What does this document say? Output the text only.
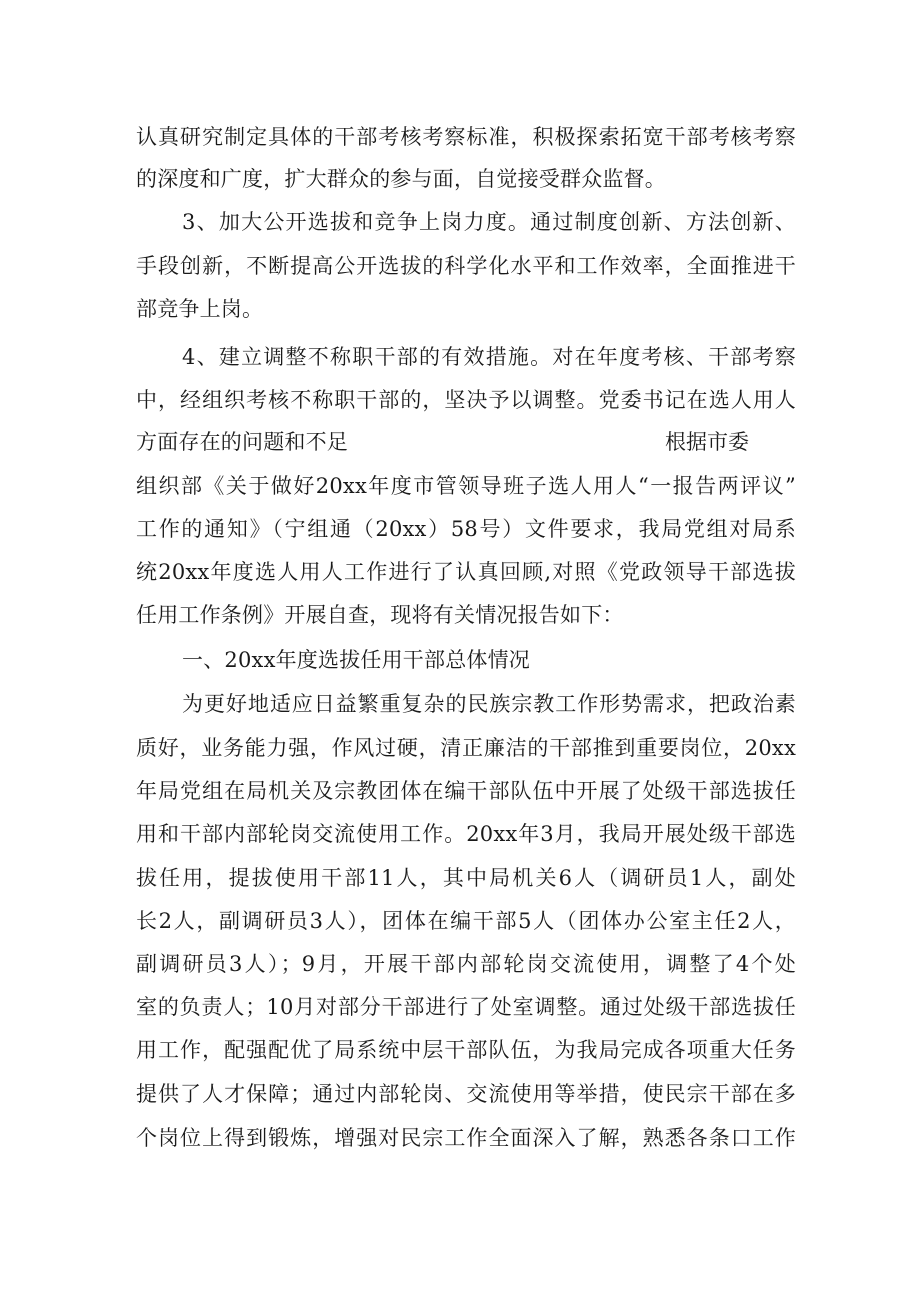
认真研究制定具体的干部考核考察标准，积极探索拓宽干部考核考察
的深度和广度，扩大群众的参与面，自觉接受群众监督。
3、加大公开选拔和竞争上岗力度。通过制度创新、方法创新、
手段创新，不断提高公开选拔的科学化水平和工作效率，全面推进干
部竞争上岗。
4、建立调整不称职干部的有效措施。对在年度考核、干部考察
中，经组织考核不称职干部的，坚决予以调整。党委书记在选人用人
方面存在的问题和不足	根据市委
组织部《关于做好20xx年度市管领导班子选人用人“一报告两评议”
工作的通知》（宁组通（20xx）58号）文件要求，我局党组对局系
统20xx年度选人用人工作进行了认真回顾,对照《党政领导干部选拔
任用工作条例》开展自查，现将有关情况报告如下：
一、20xx年度选拔任用干部总体情况
为更好地适应日益繁重复杂的民族宗教工作形势需求，把政治素
质好，业务能力强，作风过硬，清正廉洁的干部推到重要岗位，20xx
年局党组在局机关及宗教团体在编干部队伍中开展了处级干部选拔任
用和干部内部轮岗交流使用工作。20xx年3月，我局开展处级干部选
拔任用，提拔使用干部11人，其中局机关6人（调研员1人，副处
长2人，副调研员3人），团体在编干部5人（团体办公室主任2人，
副调研员3人）；9月，开展干部内部轮岗交流使用，调整了4个处
室的负责人；10月对部分干部进行了处室调整。通过处级干部选拔任
用工作，配强配优了局系统中层干部队伍，为我局完成各项重大任务
提供了人才保障；通过内部轮岗、交流使用等举措，使民宗干部在多
个岗位上得到锻炼，增强对民宗工作全面深入了解，熟悉各条口工作
